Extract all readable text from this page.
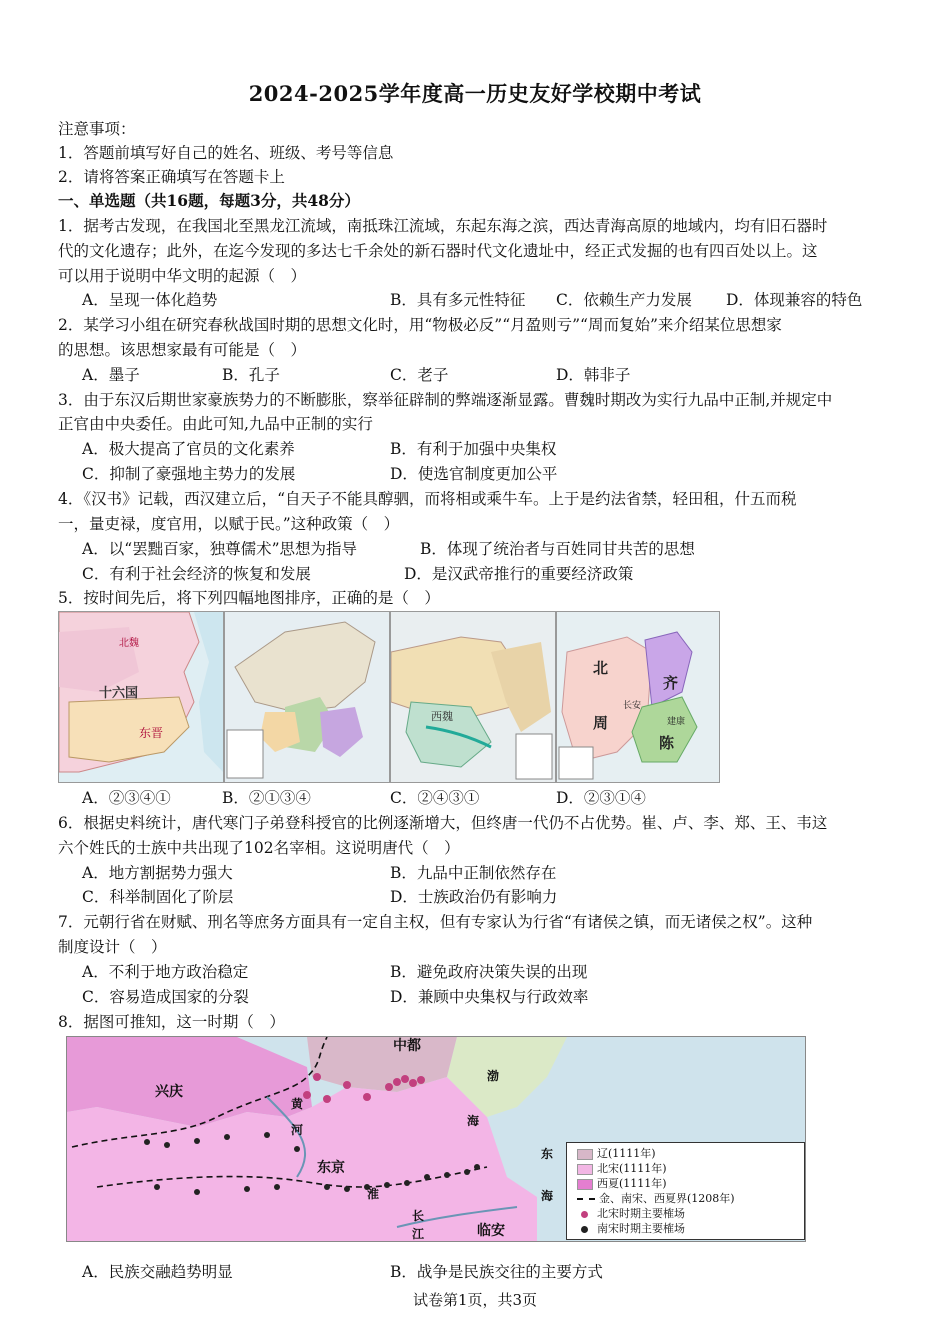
2024-2025学年度高一历史友好学校期中考试
注意事项：
1．答题前填写好自己的姓名、班级、考号等信息
2．请将答案正确填写在答题卡上
一、单选题（共16题，每题3分，共48分）
1．据考古发现，在我国北至黑龙江流域，南抵珠江流域，东起东海之滨，西达青海高原的地域内，均有旧石器时
代的文化遗存；此外，在迄今发现的多达七千余处的新石器时代文化遗址中，经正式发掘的也有四百处以上。这
可以用于说明中华文明的起源（　）
A．呈现一体化趋势	B．具有多元性特征 C．依赖生产力发展 D．体现兼容的特色
2．某学习小组在研究春秋战国时期的思想文化时，用“物极必反”“月盈则亏”“周而复始”来介绍某位思想家
的思想。该思想家最有可能是（　）
A．墨子	B．孔子	C．老子	D．韩非子
3．由于东汉后期世家豪族势力的不断膨胀，察举征辟制的弊端逐渐显露。曹魏时期改为实行九品中正制,并规定中
正官由中央委任。由此可知,九品中正制的实行
A．极大提高了官员的文化素养	B．有利于加强中央集权
C．抑制了豪强地主势力的发展	D．使选官制度更加公平
4．《汉书》记载，西汉建立后，“自天子不能具醇驷，而将相或乘牛车。上于是约法省禁，轻田租，什五而税
一，量吏禄，度官用，以赋于民。”这种政策（　）
A．以“罢黜百家，独尊儒术”思想为指导	B．体现了统治者与百姓同甘共苦的思想
C．有利于社会经济的恢复和发展	D．是汉武帝推行的重要经济政策
5．按时间先后，将下列四幅地图排序，正确的是（　）
北魏
十六国
东晋
西魏
北
齐
周
陈
长安
建康
A．②③④①	B．②①③④	C．②④③①	D．②③①④
6．根据史料统计，唐代寒门子弟登科授官的比例逐渐增大，但终唐一代仍不占优势。崔、卢、李、郑、王、韦这
六个姓氏的士族中共出现了102名宰相。这说明唐代（　）
A．地方割据势力强大	B．九品中正制依然存在
C．科举制固化了阶层	D．士族政治仍有影响力
7．元朝行省在财赋、刑名等庶务方面具有一定自主权，但有专家认为行省“有诸侯之镇，而无诸侯之权”。这种
制度设计（　）
A．不利于地方政治稳定	B．避免政府决策失误的出现
C．容易造成国家的分裂	D．兼顾中央集权与行政效率
8．据图可推知，这一时期（　）
中都
兴庆
东京
临安
渤
海
东
海
黄
河
淮
长
江
辽(1111年)
北宋(1111年)
西夏(1111年)
金、南宋、西夏界(1208年)
北宋时期主要榷场
南宋时期主要榷场
A．民族交融趋势明显	B．战争是民族交往的主要方式
试卷第1页，共3页
